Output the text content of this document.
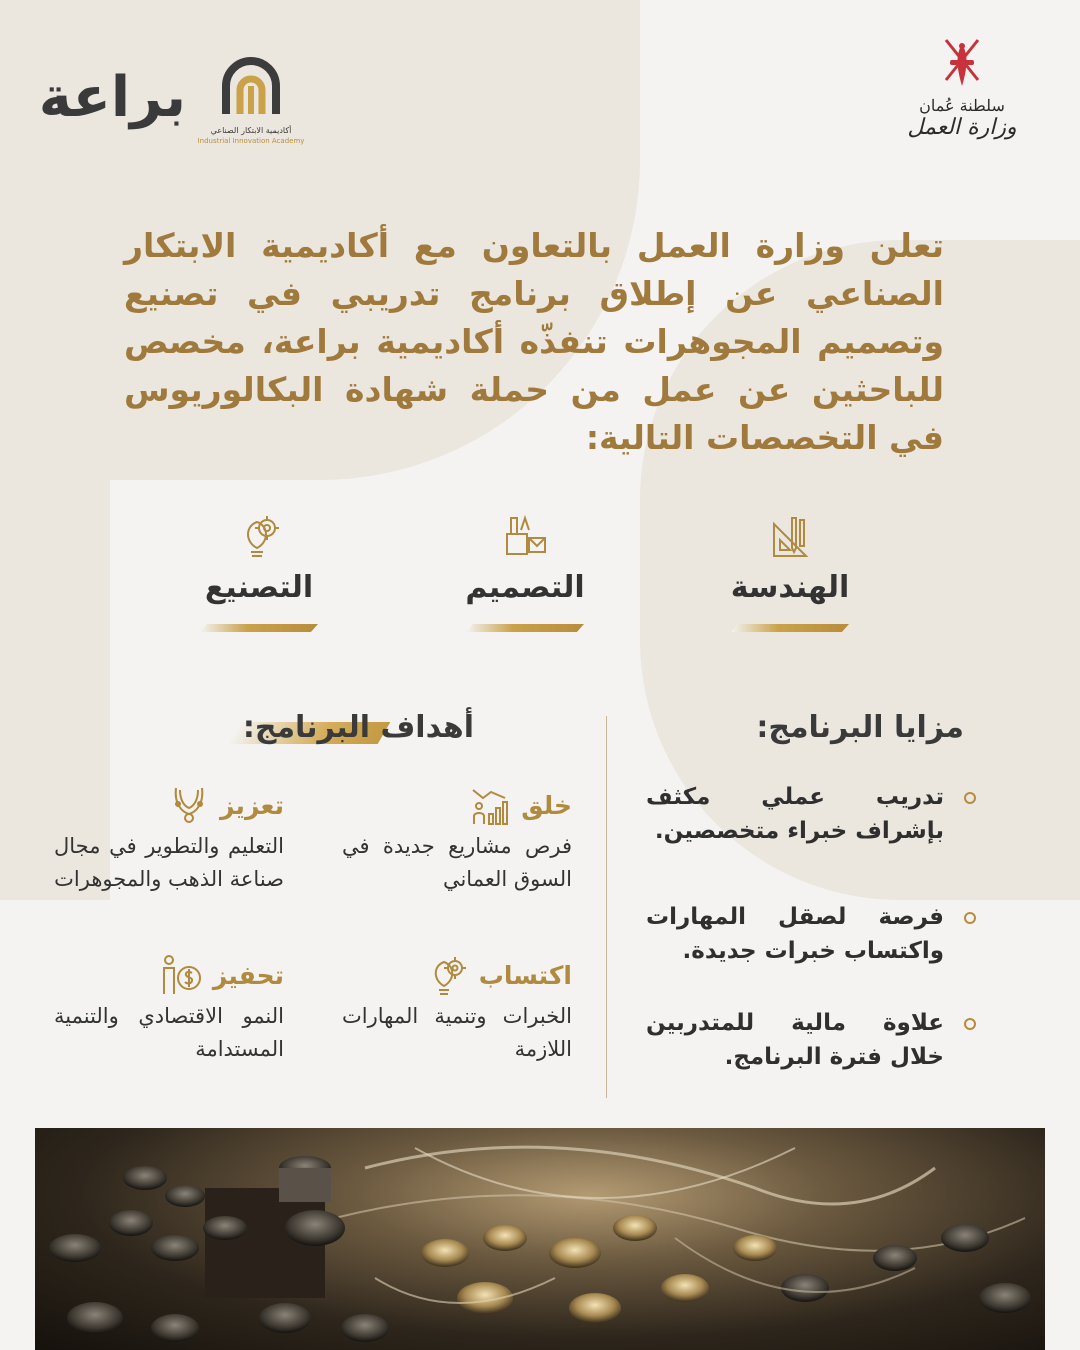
سلطنة عُمان
وزارة العمل
أكاديمية الابتكار الصناعي
Industrial Innovation Academy
براعة

تعلن وزارة العمل بالتعاون مع أكاديمية الابتكار الصناعي عن إطلاق برنامج تدريبي في تصنيع وتصميم المجوهرات تنفذّه أكاديمية براعة، مخصص للباحثين عن عمل من حملة شهادة البكالوريوس في التخصصات التالية:

الهندسة
التصميم
التصنيع
مزايا البرنامج:
تدريب عملي مكثف بإشراف خبراء متخصصين.
فرصة لصقل المهارات واكتساب خبرات جديدة.
علاوة مالية للمتدربين خلال فترة البرنامج.
أهداف البرنامج:
خلق
فرص مشاريع جديدة في السوق العماني
تعزيز
التعليم والتطوير في مجال صناعة الذهب والمجوهرات
اكتساب
الخبرات وتنمية المهارات اللازمة
تحفيز
النمو الاقتصادي والتنمية المستدامة
